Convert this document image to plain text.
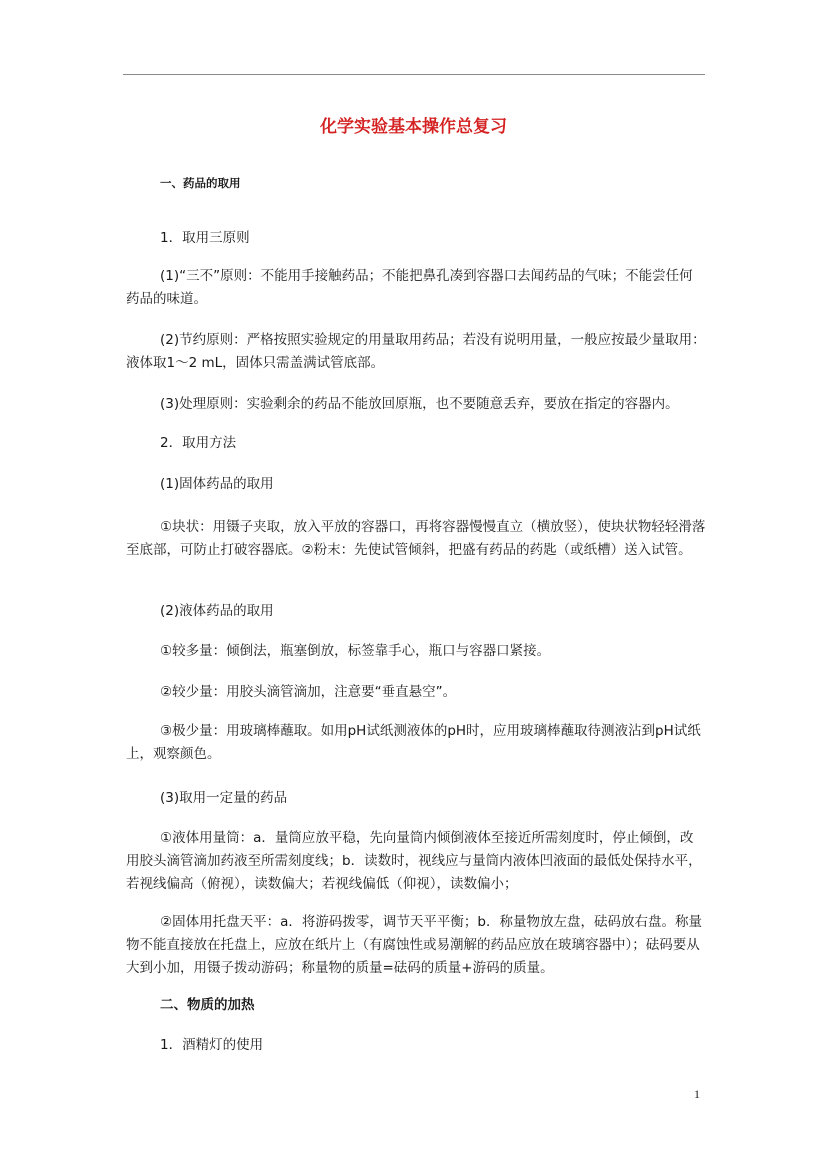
化学实验基本操作总复习
一、药品的取用
1．取用三原则
(1)“三不”原则：不能用手接触药品；不能把鼻孔凑到容器口去闻药品的气味；不能尝任何药品的味道。
(2)节约原则：严格按照实验规定的用量取用药品；若没有说明用量，一般应按最少量取用：液体取1～2 mL，固体只需盖满试管底部。
(3)处理原则：实验剩余的药品不能放回原瓶，也不要随意丢弃，要放在指定的容器内。
2．取用方法
(1)固体药品的取用
①块状：用镊子夹取，放入平放的容器口，再将容器慢慢直立（横放竖），使块状物轻轻滑落至底部，可防止打破容器底。②粉末：先使试管倾斜，把盛有药品的药匙（或纸槽）送入试管。
(2)液体药品的取用
①较多量：倾倒法，瓶塞倒放，标签靠手心，瓶口与容器口紧接。
②较少量：用胶头滴管滴加，注意要“垂直悬空”。
③极少量：用玻璃棒蘸取。如用pH试纸测液体的pH时，应用玻璃棒蘸取待测液沾到pH试纸上，观察颜色。
(3)取用一定量的药品
①液体用量筒：a．量筒应放平稳，先向量筒内倾倒液体至接近所需刻度时，停止倾倒，改用胶头滴管滴加药液至所需刻度线；b．读数时，视线应与量筒内液体凹液面的最低处保持水平，若视线偏高（俯视），读数偏大；若视线偏低（仰视），读数偏小；
②固体用托盘天平：a．将游码拨零，调节天平平衡；b．称量物放左盘，砝码放右盘。称量物不能直接放在托盘上，应放在纸片上（有腐蚀性或易潮解的药品应放在玻璃容器中）；砝码要从大到小加，用镊子拨动游码；称量物的质量=砝码的质量+游码的质量。
二、物质的加热
1．酒精灯的使用
1
